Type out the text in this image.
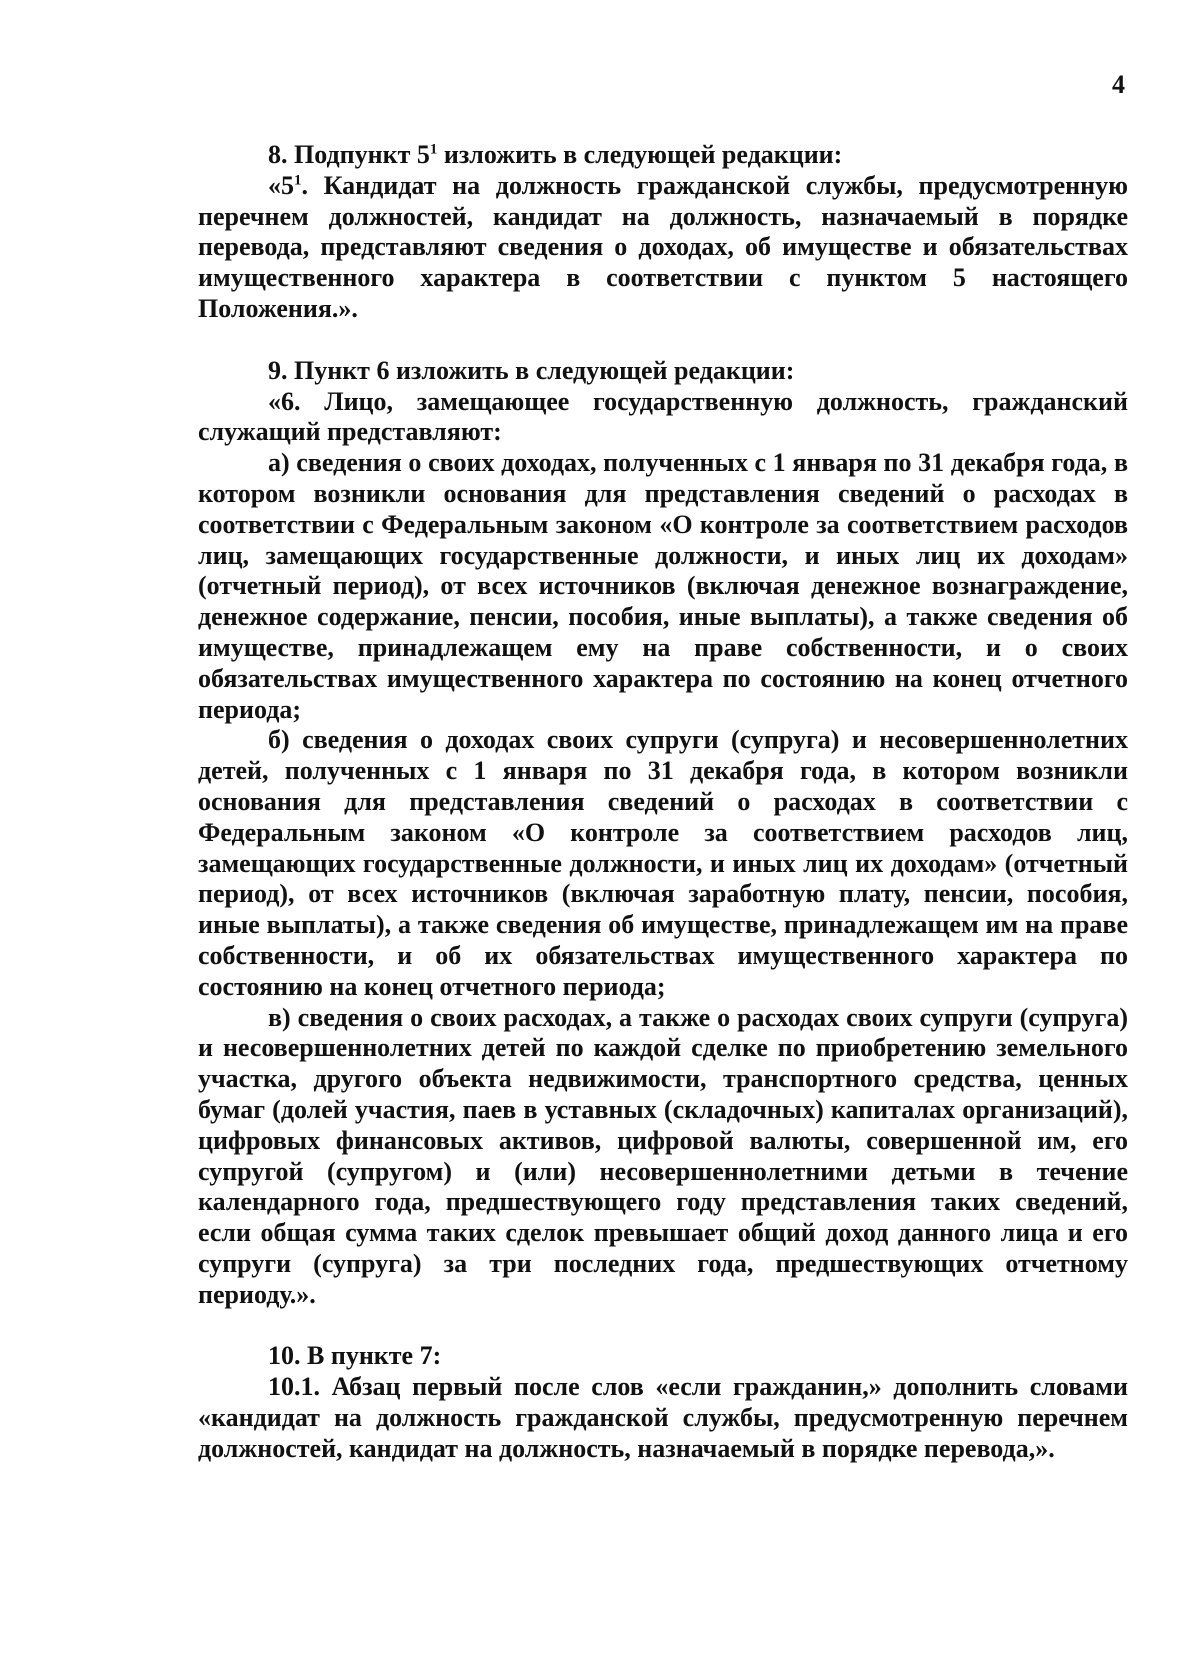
4

8. Подпункт $5^1$ изложить в следующей редакции:

«$5^1$. Кандидат на должность гражданской службы, предусмотренную перечнем должностей, кандидат на должность, назначаемый в порядке перевода, представляют сведения о доходах, об имуществе и обязательствах имущественного характера в соответствии с пунктом 5 настоящего Положения.».

9. Пункт 6 изложить в следующей редакции:

«6. Лицо, замещающее государственную должность, гражданский служащий представляют:

а) сведения о своих доходах, полученных с 1 января по 31 декабря года, в котором возникли основания для представления сведений о расходах в соответствии с Федеральным законом «О контроле за соответствием расходов лиц, замещающих государственные должности, и иных лиц их доходам» (отчетный период), от всех источников (включая денежное вознаграждение, денежное содержание, пенсии, пособия, иные выплаты), а также сведения об имуществе, принадлежащем ему на праве собственности, и о своих обязательствах имущественного характера по состоянию на конец отчетного периода;

б) сведения о доходах своих супруги (супруга) и несовершеннолетних детей, полученных с 1 января по 31 декабря года, в котором возникли основания для представления сведений о расходах в соответствии с Федеральным законом «О контроле за соответствием расходов лиц, замещающих государственные должности, и иных лиц их доходам» (отчетный период), от всех источников (включая заработную плату, пенсии, пособия, иные выплаты), а также сведения об имуществе, принадлежащем им на праве собственности, и об их обязательствах имущественного характера по состоянию на конец отчетного периода;

в) сведения о своих расходах, а также о расходах своих супруги (супруга) и несовершеннолетних детей по каждой сделке по приобретению земельного участка, другого объекта недвижимости, транспортного средства, ценных бумаг (долей участия, паев в уставных (складочных) капиталах организаций), цифровых финансовых активов, цифровой валюты, совершенной им, его супругой (супругом) и (или) несовершеннолетними детьми в течение календарного года, предшествующего году представления таких сведений, если общая сумма таких сделок превышает общий доход данного лица и его супруги (супруга) за три последних года, предшествующих отчетному периоду.».

10. В пункте 7:

10.1. Абзац первый после слов «если гражданин,» дополнить словами «кандидат на должность гражданской службы, предусмотренную перечнем должностей, кандидат на должность, назначаемый в порядке перевода,».
